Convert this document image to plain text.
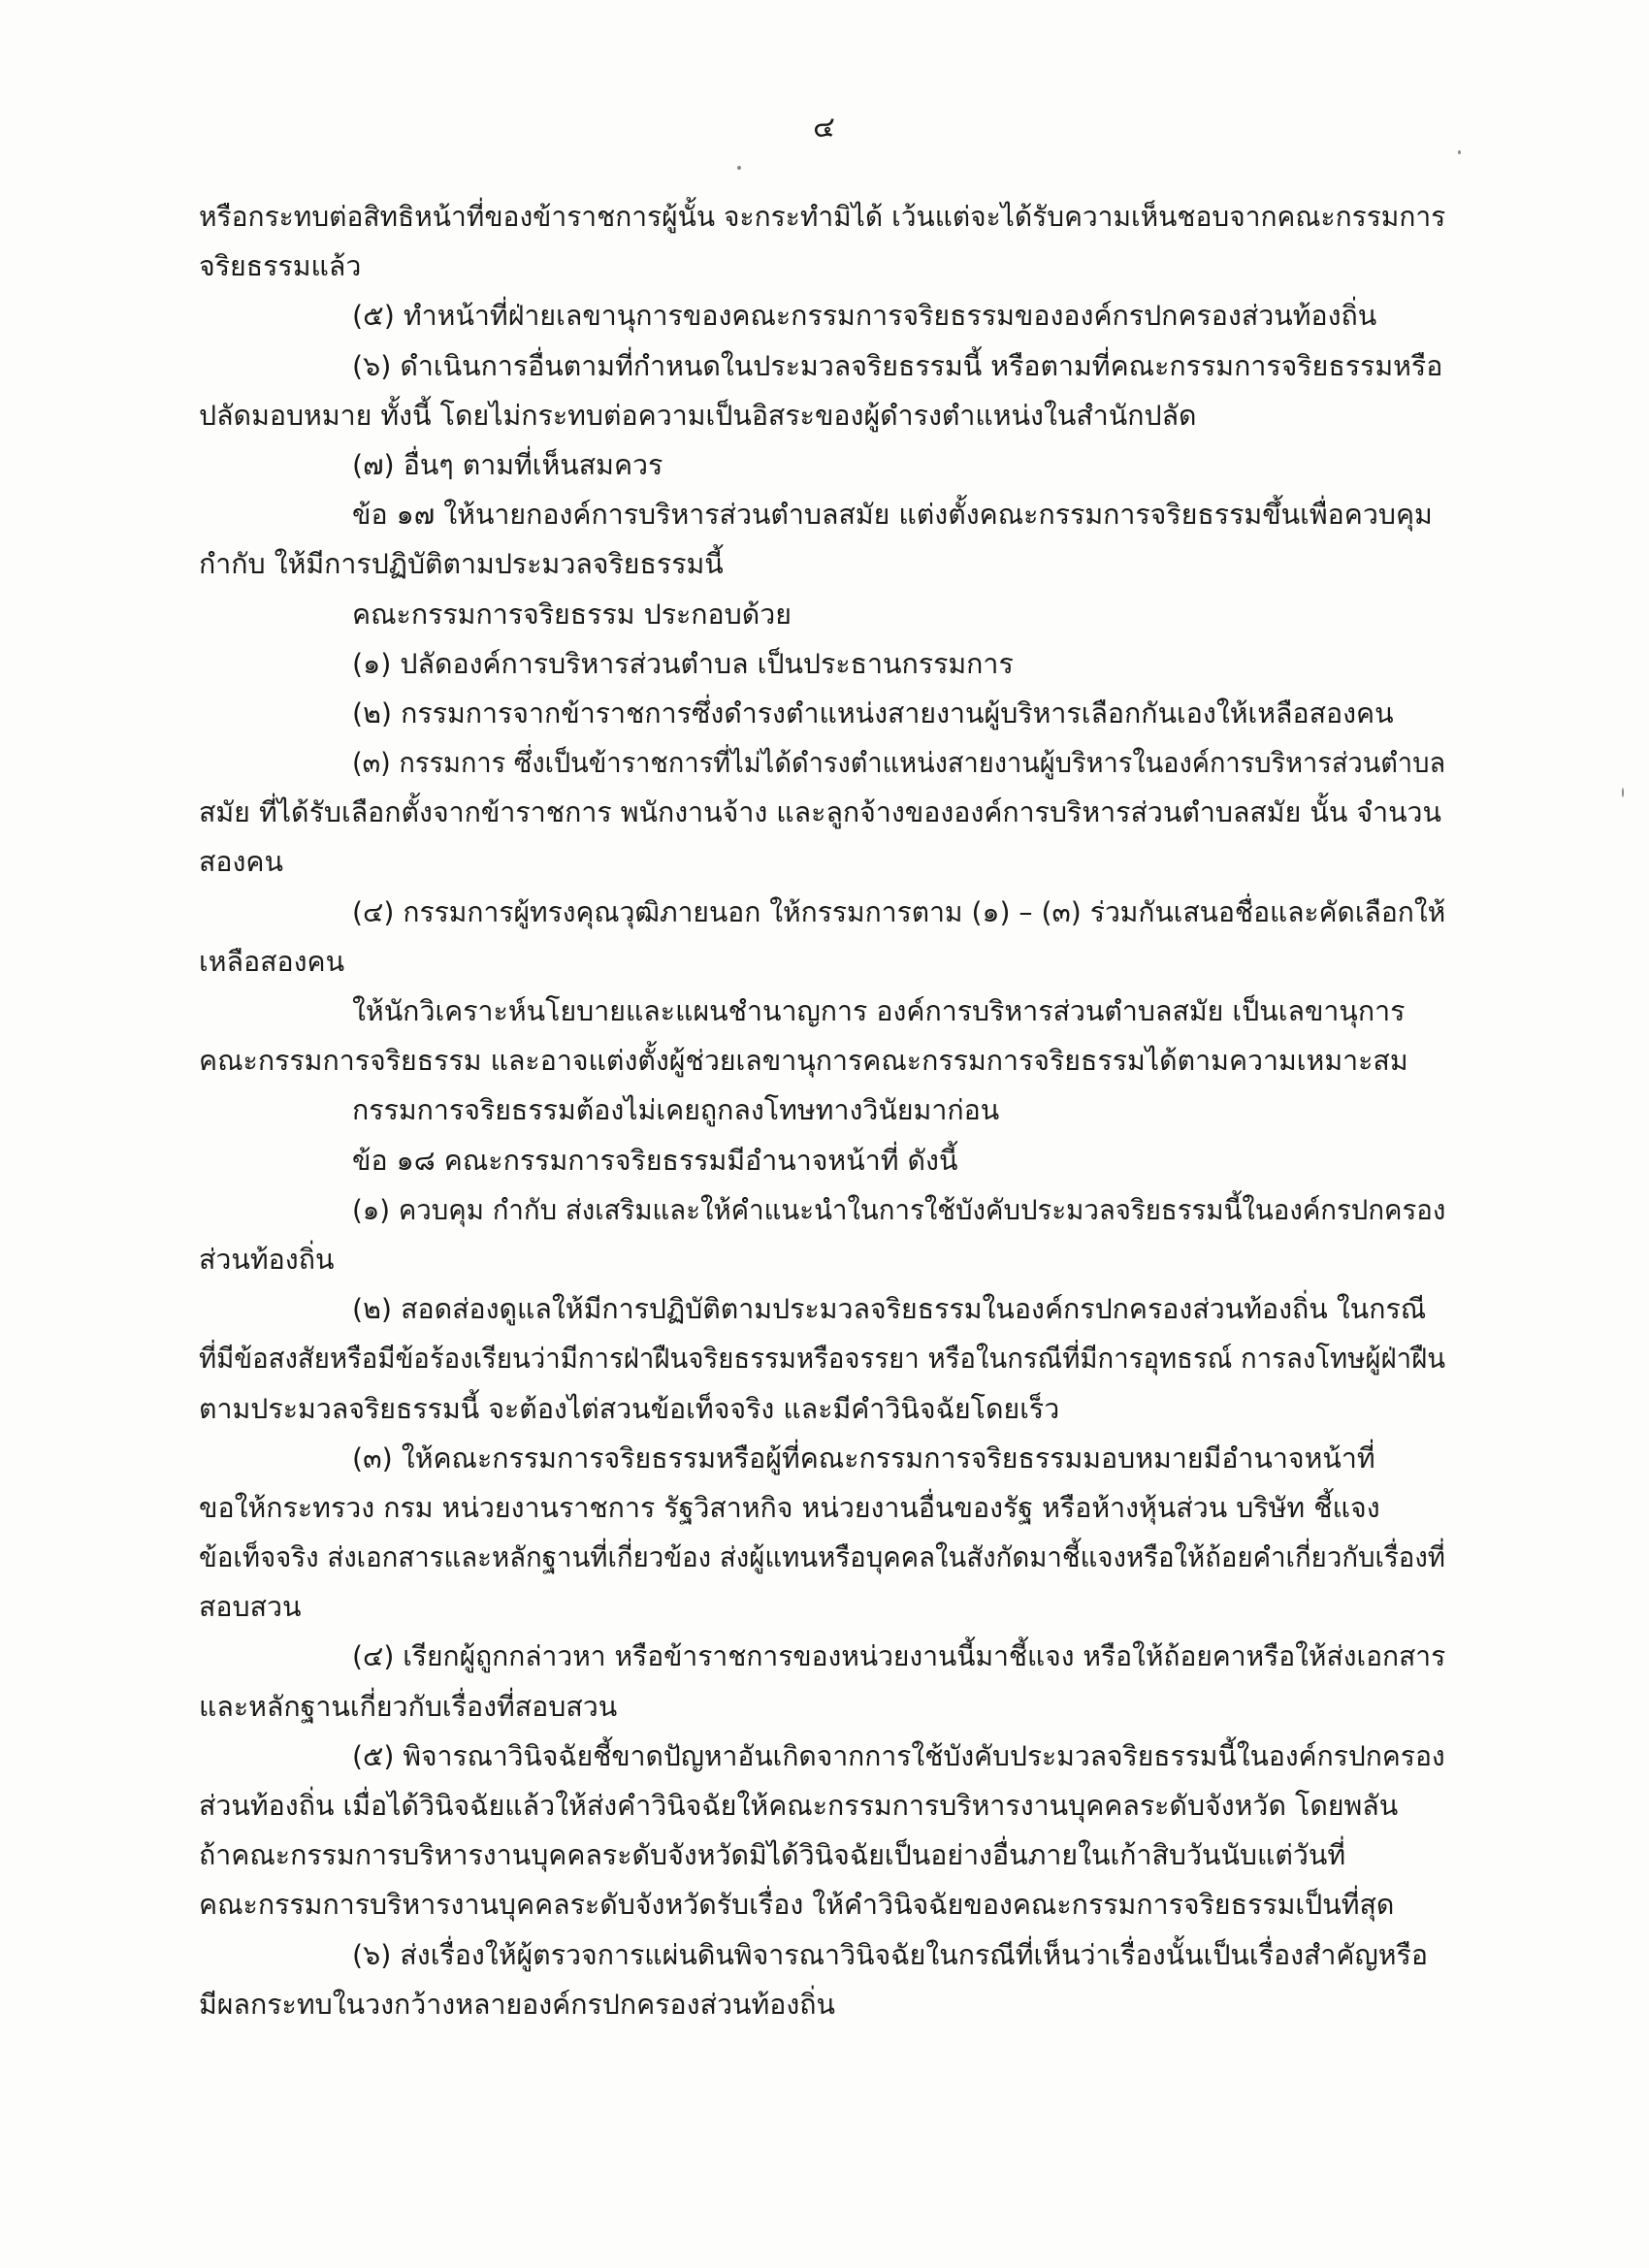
๔
หรือกระทบต่อสิทธิหน้าที่ของข้าราชการผู้นั้น จะกระทำมิได้ เว้นแต่จะได้รับความเห็นชอบจากคณะกรรมการ
จริยธรรมแล้ว
(๕) ทำหน้าที่ฝ่ายเลขานุการของคณะกรรมการจริยธรรมขององค์กรปกครองส่วนท้องถิ่น
(๖) ดำเนินการอื่นตามที่กำหนดในประมวลจริยธรรมนี้ หรือตามที่คณะกรรมการจริยธรรมหรือ
ปลัดมอบหมาย ทั้งนี้ โดยไม่กระทบต่อความเป็นอิสระของผู้ดำรงตำแหน่งในสำนักปลัด
(๗) อื่นๆ ตามที่เห็นสมควร
ข้อ ๑๗ ให้นายกองค์การบริหารส่วนตำบลสมัย แต่งตั้งคณะกรรมการจริยธรรมขึ้นเพื่อควบคุม
กำกับ ให้มีการปฏิบัติตามประมวลจริยธรรมนี้
คณะกรรมการจริยธรรม ประกอบด้วย
(๑) ปลัดองค์การบริหารส่วนตำบล เป็นประธานกรรมการ
(๒) กรรมการจากข้าราชการซึ่งดำรงตำแหน่งสายงานผู้บริหารเลือกกันเองให้เหลือสองคน
(๓) กรรมการ ซึ่งเป็นข้าราชการที่ไม่ได้ดำรงตำแหน่งสายงานผู้บริหารในองค์การบริหารส่วนตำบล
สมัย ที่ได้รับเลือกตั้งจากข้าราชการ พนักงานจ้าง และลูกจ้างขององค์การบริหารส่วนตำบลสมัย นั้น จำนวน
สองคน
(๔) กรรมการผู้ทรงคุณวุฒิภายนอก ให้กรรมการตาม (๑) – (๓) ร่วมกันเสนอชื่อและคัดเลือกให้
เหลือสองคน
ให้นักวิเคราะห์นโยบายและแผนชำนาญการ องค์การบริหารส่วนตำบลสมัย เป็นเลขานุการ
คณะกรรมการจริยธรรม และอาจแต่งตั้งผู้ช่วยเลขานุการคณะกรรมการจริยธรรมได้ตามความเหมาะสม
กรรมการจริยธรรมต้องไม่เคยถูกลงโทษทางวินัยมาก่อน
ข้อ ๑๘ คณะกรรมการจริยธรรมมีอำนาจหน้าที่ ดังนี้
(๑) ควบคุม กำกับ ส่งเสริมและให้คำแนะนำในการใช้บังคับประมวลจริยธรรมนี้ในองค์กรปกครอง
ส่วนท้องถิ่น
(๒) สอดส่องดูแลให้มีการปฏิบัติตามประมวลจริยธรรมในองค์กรปกครองส่วนท้องถิ่น ในกรณี
ที่มีข้อสงสัยหรือมีข้อร้องเรียนว่ามีการฝ่าฝืนจริยธรรมหรือจรรยา หรือในกรณีที่มีการอุทธรณ์ การลงโทษผู้ฝ่าฝืน
ตามประมวลจริยธรรมนี้ จะต้องไต่สวนข้อเท็จจริง และมีคำวินิจฉัยโดยเร็ว
(๓) ให้คณะกรรมการจริยธรรมหรือผู้ที่คณะกรรมการจริยธรรมมอบหมายมีอำนาจหน้าที่
ขอให้กระทรวง กรม หน่วยงานราชการ รัฐวิสาหกิจ หน่วยงานอื่นของรัฐ หรือห้างหุ้นส่วน บริษัท ชี้แจง
ข้อเท็จจริง ส่งเอกสารและหลักฐานที่เกี่ยวข้อง ส่งผู้แทนหรือบุคคลในสังกัดมาชี้แจงหรือให้ถ้อยคำเกี่ยวกับเรื่องที่
สอบสวน
(๔) เรียกผู้ถูกกล่าวหา หรือข้าราชการของหน่วยงานนี้มาชี้แจง หรือให้ถ้อยคาหรือให้ส่งเอกสาร
และหลักฐานเกี่ยวกับเรื่องที่สอบสวน
(๕) พิจารณาวินิจฉัยชี้ขาดปัญหาอันเกิดจากการใช้บังคับประมวลจริยธรรมนี้ในองค์กรปกครอง
ส่วนท้องถิ่น เมื่อได้วินิจฉัยแล้วให้ส่งคำวินิจฉัยให้คณะกรรมการบริหารงานบุคคลระดับจังหวัด โดยพลัน
ถ้าคณะกรรมการบริหารงานบุคคลระดับจังหวัดมิได้วินิจฉัยเป็นอย่างอื่นภายในเก้าสิบวันนับแต่วันที่
คณะกรรมการบริหารงานบุคคลระดับจังหวัดรับเรื่อง ให้คำวินิจฉัยของคณะกรรมการจริยธรรมเป็นที่สุด
(๖) ส่งเรื่องให้ผู้ตรวจการแผ่นดินพิจารณาวินิจฉัยในกรณีที่เห็นว่าเรื่องนั้นเป็นเรื่องสำคัญหรือ
มีผลกระทบในวงกว้างหลายองค์กรปกครองส่วนท้องถิ่น
